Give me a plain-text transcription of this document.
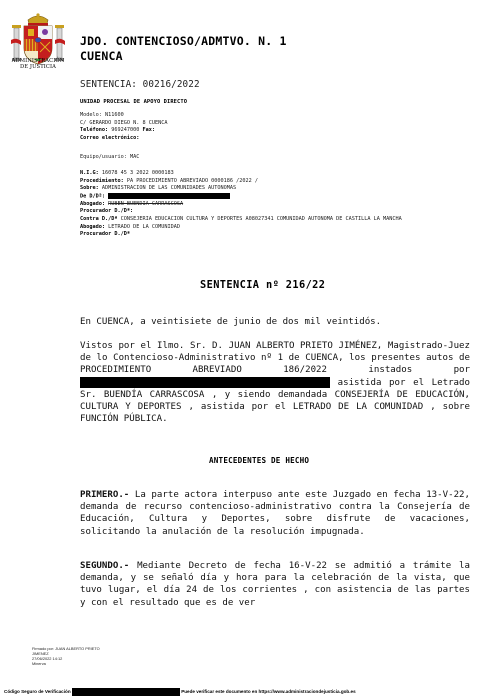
ADMINISTRACIÓN
DE JUSTICIA
JDO. CONTENCIOSO/ADMTVO. N. 1
CUENCA
SENTENCIA: 00216/2022
UNIDAD PROCESAL DE APOYO DIRECTO
Modelo: N11600
C/ GERARDO DIEGO N. 8 CUENCA
Teléfono: 969247000 Fax:
Correo electrónico:
Equipo/usuario: MAC
N.I.G: 16078 45 3 2022 0000183
Procedimiento: PA PROCEDIMIENTO ABREVIADO 0000186 /2022 /
Sobre: ADMINISTRACION DE LAS COMUNIDADES AUTONOMAS
De D/Dª:
Abogado: RUBEN BUENDIA CARRASCOSA
Procurador D./Dª:
Contra D./Dª CONSEJERIA EDUCACION CULTURA Y DEPORTES A08027341 COMUNIDAD AUTONOMA DE CASTILLA LA MANCHA
Abogado: LETRADO DE LA COMUNIDAD
Procurador D./Dª
SENTENCIA nº 216/22
En CUENCA, a veintisiete de junio de dos mil veintidós.
Vistos por el Ilmo. Sr. D. JUAN ALBERTO PRIETO JIMÉNEZ, Magistrado-Juez de lo Contencioso-Administrativo nº 1 de CUENCA, los presentes autos de PROCEDIMIENTO ABREVIADO 186/2022 instados por  asistida por el Letrado Sr. BUENDÍA CARRASCOSA , y siendo demandada CONSEJERÍA DE EDUCACIÓN, CULTURA Y DEPORTES , asistida por el LETRADO DE LA COMUNIDAD , sobre FUNCIÓN PÚBLICA.
ANTECEDENTES DE HECHO
PRIMERO.- La parte actora interpuso ante este Juzgado en fecha 13-V-22, demanda de recurso contencioso-administrativo contra la Consejería de Educación, Cultura y Deportes, sobre disfrute de vacaciones, solicitando la anulación de la resolución impugnada.
SEGUNDO.- Mediante Decreto de fecha 16-V-22 se admitió a trámite la demanda, y se señaló día y hora para la celebración de la vista, que tuvo lugar, el día 24 de los corrientes , con asistencia de las partes y con el resultado que es de ver
Firmado por: JUAN ALBERTO PRIETO
JIMENEZ
27/06/2022 14:12
Minerva
Código Seguro de Verificación	Puede verificar este documento en https://www.administraciondejusticia.gob.es
